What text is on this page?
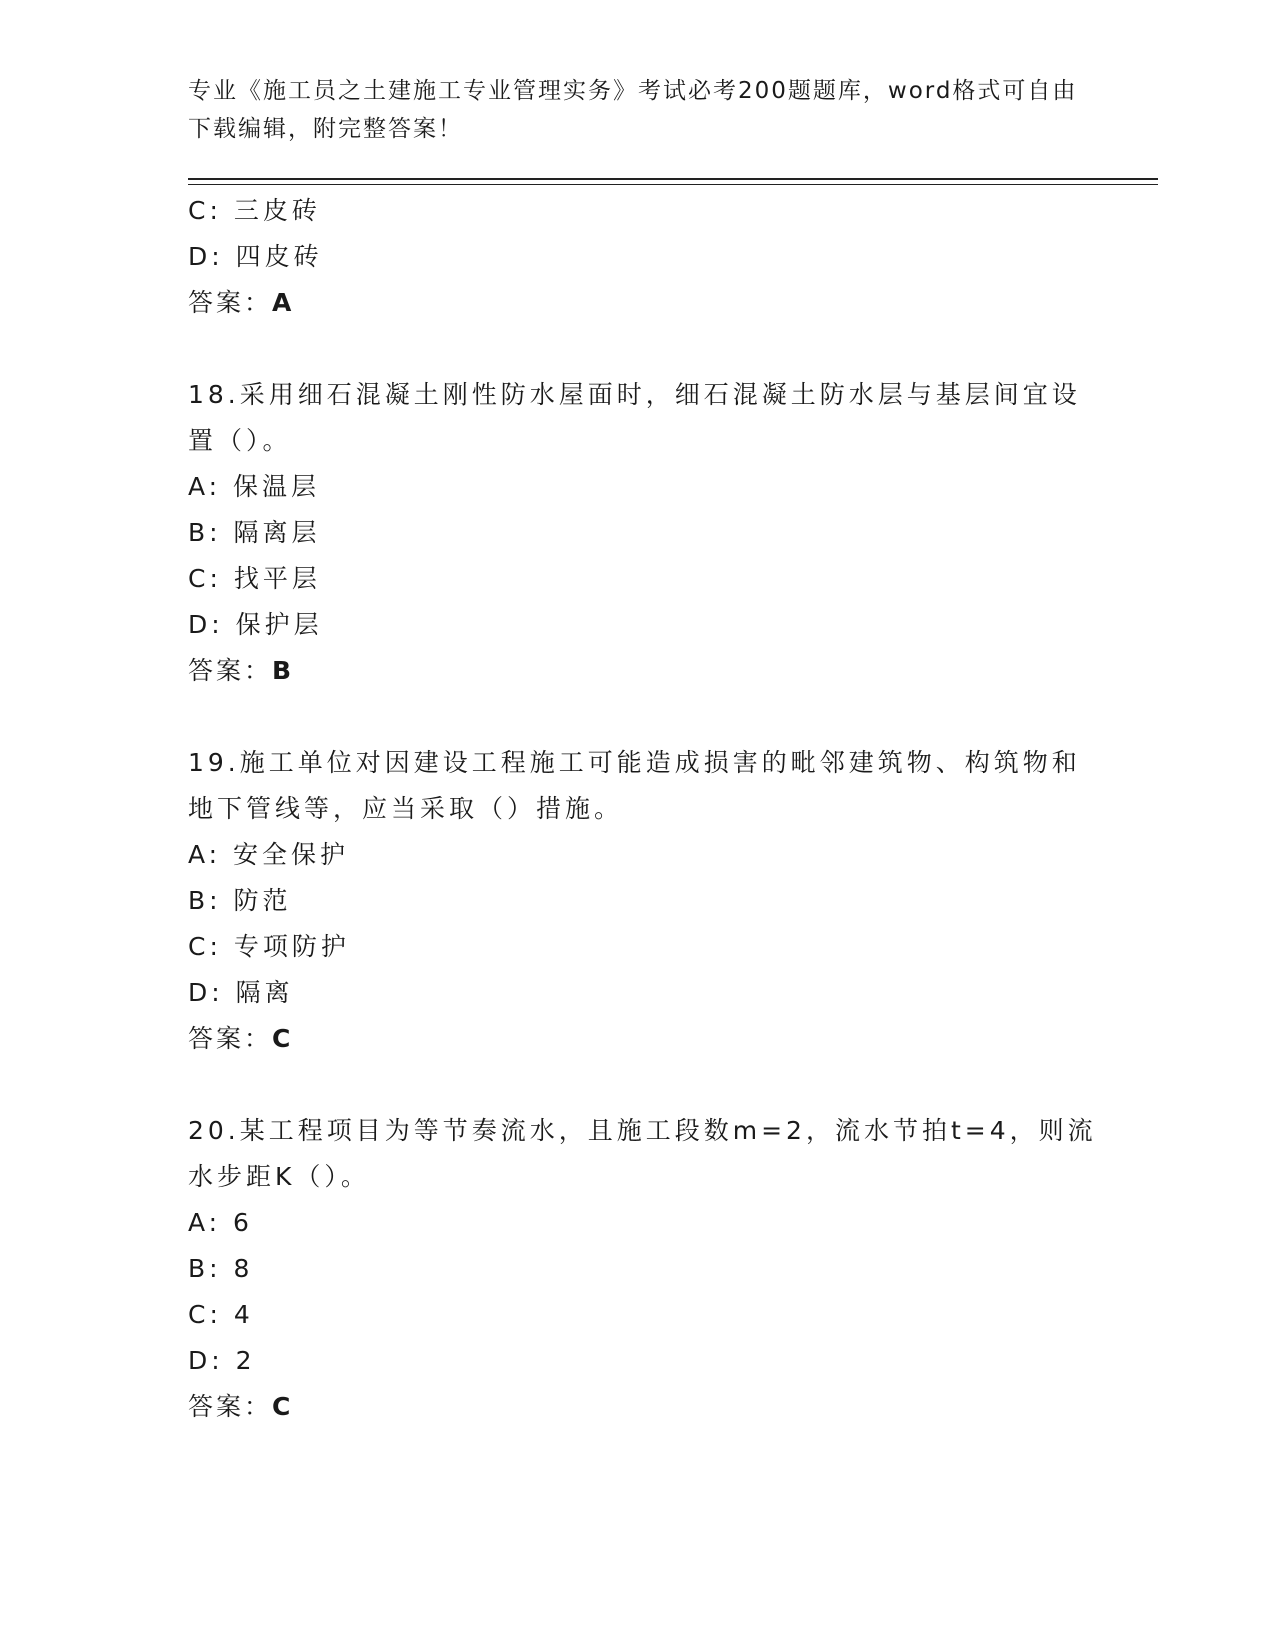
专业《施工员之土建施工专业管理实务》考试必考200题题库，word格式可自由
下载编辑，附完整答案！
C: 三皮砖
D: 四皮砖
答案：A
18.采用细石混凝土刚性防水屋面时，细石混凝土防水层与基层间宜设
置（）。
A: 保温层
B: 隔离层
C: 找平层
D: 保护层
答案：B
19.施工单位对因建设工程施工可能造成损害的毗邻建筑物、构筑物和
地下管线等，应当采取（）措施。
A: 安全保护
B: 防范
C: 专项防护
D: 隔离
答案：C
20.某工程项目为等节奏流水，且施工段数m=2，流水节拍t=4，则流
水步距K（）。
A: 6
B: 8
C: 4
D: 2
答案：C
